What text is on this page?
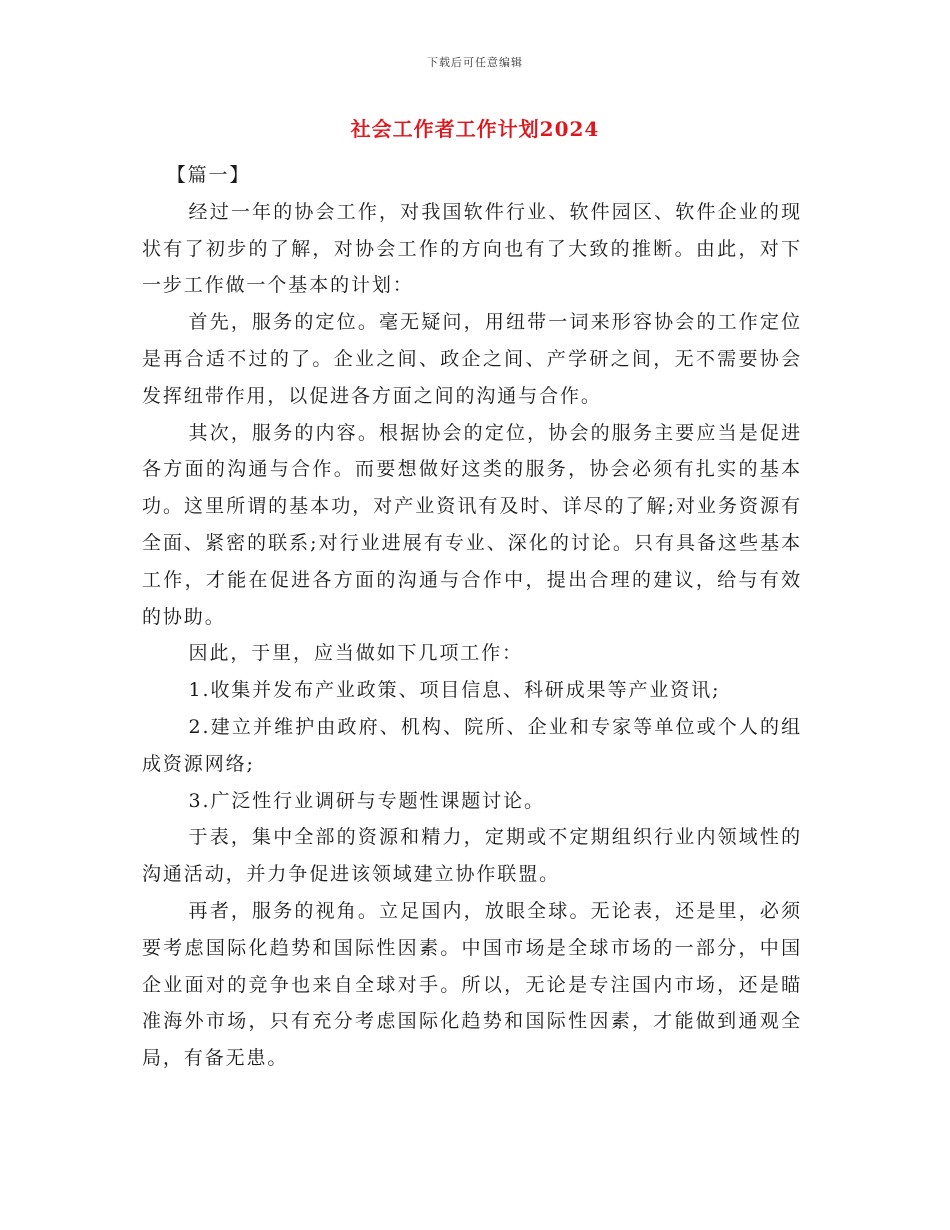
下载后可任意编辑
社会工作者工作计划2024

【篇一】

经过一年的协会工作，对我国软件行业、软件园区、软件企业的现状有了初步的了解，对协会工作的方向也有了大致的推断。由此，对下一步工作做一个基本的计划：

首先，服务的定位。毫无疑问，用纽带一词来形容协会的工作定位是再合适不过的了。企业之间、政企之间、产学研之间，无不需要协会发挥纽带作用，以促进各方面之间的沟通与合作。

其次，服务的内容。根据协会的定位，协会的服务主要应当是促进各方面的沟通与合作。而要想做好这类的服务，协会必须有扎实的基本功。这里所谓的基本功，对产业资讯有及时、详尽的了解;对业务资源有全面、紧密的联系;对行业进展有专业、深化的讨论。只有具备这些基本工作，才能在促进各方面的沟通与合作中，提出合理的建议，给与有效的协助。

因此，于里，应当做如下几项工作：

1.收集并发布产业政策、项目信息、科研成果等产业资讯;

2.建立并维护由政府、机构、院所、企业和专家等单位或个人的组成资源网络;

3.广泛性行业调研与专题性课题讨论。

于表，集中全部的资源和精力，定期或不定期组织行业内领域性的沟通活动，并力争促进该领域建立协作联盟。

再者，服务的视角。立足国内，放眼全球。无论表，还是里，必须要考虑国际化趋势和国际性因素。中国市场是全球市场的一部分，中国企业面对的竞争也来自全球对手。所以，无论是专注国内市场，还是瞄准海外市场，只有充分考虑国际化趋势和国际性因素，才能做到通观全局，有备无患。
